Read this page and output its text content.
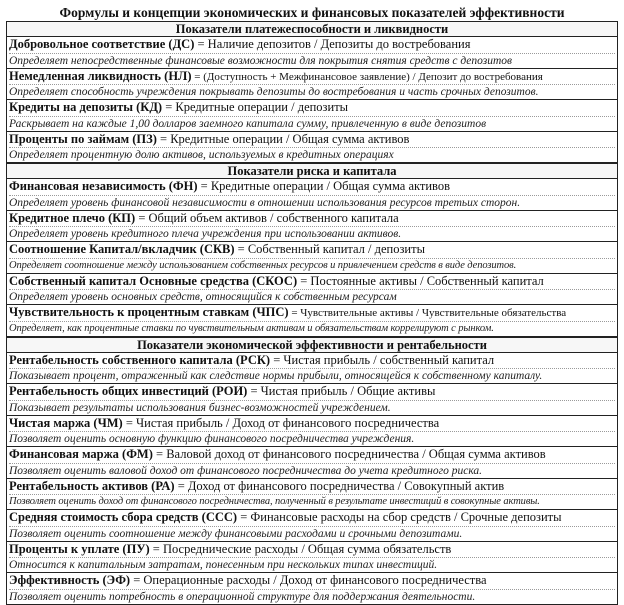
Формулы и концепции экономических и финансовых показателей эффективности
Показатели платежеспособности и ликвидности
Добровольное соответствие (ДС) = Наличие депозитов / Депозиты до востребования
Определяет непосредственные финансовые возможности для покрытия снятия средств с депозитов
Немедленная ликвидность (НЛ) = (Доступность + Межфинансовое заявление) / Депозит до востребования
Определяет способность учреждения покрывать депозиты до востребования и часть срочных депозитов.
Кредиты на депозиты (КД) = Кредитные операции / депозиты
Раскрывает на каждые 1,00 долларов заемного капитала сумму, привлеченную в виде депозитов
Проценты по займам (ПЗ) = Кредитные операции / Общая сумма активов
Определяет процентную долю активов, используемых в кредитных операциях
Показатели риска и капитала
Финансовая независимость (ФН) = Кредитные операции / Общая сумма активов
Определяет уровень финансовой независимости в отношении использования ресурсов третьих сторон.
Кредитное плечо (КП) = Общий объем активов / собственного капитала
Определяет уровень кредитного плеча учреждения при использовании активов.
Соотношение Капитал/вкладчик (СКВ) = Собственный капитал / депозиты
Определяет соотношение между использованием собственных ресурсов и привлечением средств в виде депозитов.
Собственный капитал Основные средства (СКОС) = Постоянные активы / Собственный капитал
Определяет уровень основных средств, относящийся к собственным ресурсам
Чувствительность к процентным ставкам (ЧПС) = Чувствительные активы / Чувствительные обязательства
Определяет, как процентные ставки по чувствительным активам и обязательствам коррелируют с рынком.
Показатели экономической эффективности и рентабельности
Рентабельность собственного капитала (РСК) = Чистая прибыль / собственный капитал
Показывает процент, отраженный как следствие нормы прибыли, относящейся к собственному капиталу.
Рентабельность общих инвестиций (РОИ) = Чистая прибыль / Общие активы
Показывает результаты использования бизнес-возможностей учреждением.
Чистая маржа (ЧМ) = Чистая прибыль / Доход от финансового посредничества
Позволяет оценить основную функцию финансового посредничества учреждения.
Финансовая маржа (ФМ) = Валовой доход от финансового посредничества / Общая сумма активов
Позволяет оценить валовой доход от финансового посредничества до учета кредитного риска.
Рентабельность активов (РА) = Доход от финансового посредничества / Совокупный актив
Позволяет оценить доход от финансового посредничества, полученный в результате инвестиций в совокупные активы.
Средняя стоимость сбора средств (ССС) = Финансовые расходы на сбор средств / Срочные депозиты
Позволяет оценить соотношение между финансовыми расходами и срочными депозитами.
Проценты к уплате (ПУ) = Посреднические расходы / Общая сумма обязательств
Относится к капитальным затратам, понесенным при нескольких типах инвестиций.
Эффективность (ЭФ) = Операционные расходы / Доход от финансового посредничества
Позволяет оценить потребность в операционной структуре для поддержания деятельности.
